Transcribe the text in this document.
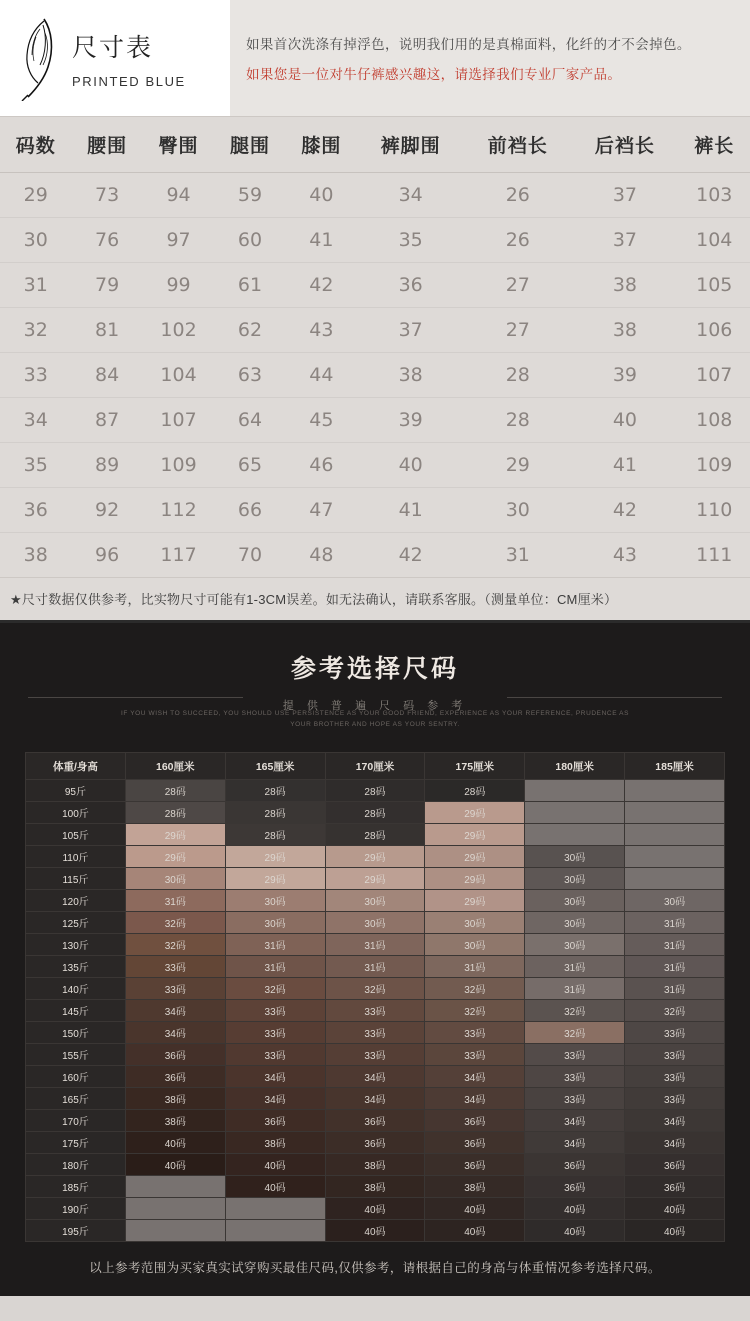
尺寸表
PRINTED BLUE
如果首次洗涤有掉浮色，说明我们用的是真棉面料，化纤的才不会掉色。
如果您是一位对牛仔裤感兴趣这，请选择我们专业厂家产品。
码数	腰围	臀围	腿围	膝围	裤脚围	前裆长	后裆长	裤长
29	73	94	59	40	34	26	37	103
30	76	97	60	41	35	26	37	104
31	79	99	61	42	36	27	38	105
32	81	102	62	43	37	27	38	106
33	84	104	63	44	38	28	39	107
34	87	107	64	45	39	28	40	108
35	89	109	65	46	40	29	41	109
36	92	112	66	47	41	30	42	110
38	96	117	70	48	42	31	43	111
★尺寸数据仅供参考，比实物尺寸可能有1-3CM误差。如无法确认，请联系客服。（测量单位：CM厘米）
参考选择尺码
提 供 普 遍 尺 码 参 考
IF YOU WISH TO SUCCEED, YOU SHOULD USE PERSISTENCE AS YOUR GOOD FRIEND, EXPERIENCE AS YOUR REFERENCE, PRUDENCE AS YOUR BROTHER AND HOPE AS YOUR SENTRY.
体重/身高	160厘米	165厘米	170厘米	175厘米	180厘米	185厘米
95斤	28码	28码	28码	28码		
100斤	28码	28码	28码	29码		
105斤	29码	28码	28码	29码		
110斤	29码	29码	29码	29码	30码	
115斤	30码	29码	29码	29码	30码	
120斤	31码	30码	30码	29码	30码	30码
125斤	32码	30码	30码	30码	30码	31码
130斤	32码	31码	31码	30码	30码	31码
135斤	33码	31码	31码	31码	31码	31码
140斤	33码	32码	32码	32码	31码	31码
145斤	34码	33码	33码	32码	32码	32码
150斤	34码	33码	33码	33码	32码	33码
155斤	36码	33码	33码	33码	33码	33码
160斤	36码	34码	34码	34码	33码	33码
165斤	38码	34码	34码	34码	33码	33码
170斤	38码	36码	36码	36码	34码	34码
175斤	40码	38码	36码	36码	34码	34码
180斤	40码	40码	38码	36码	36码	36码
185斤		40码	38码	38码	36码	36码
190斤			40码	40码	40码	40码
195斤			40码	40码	40码	40码
以上参考范围为买家真实试穿购买最佳尺码,仅供参考，请根据自己的身高与体重情况参考选择尺码。
